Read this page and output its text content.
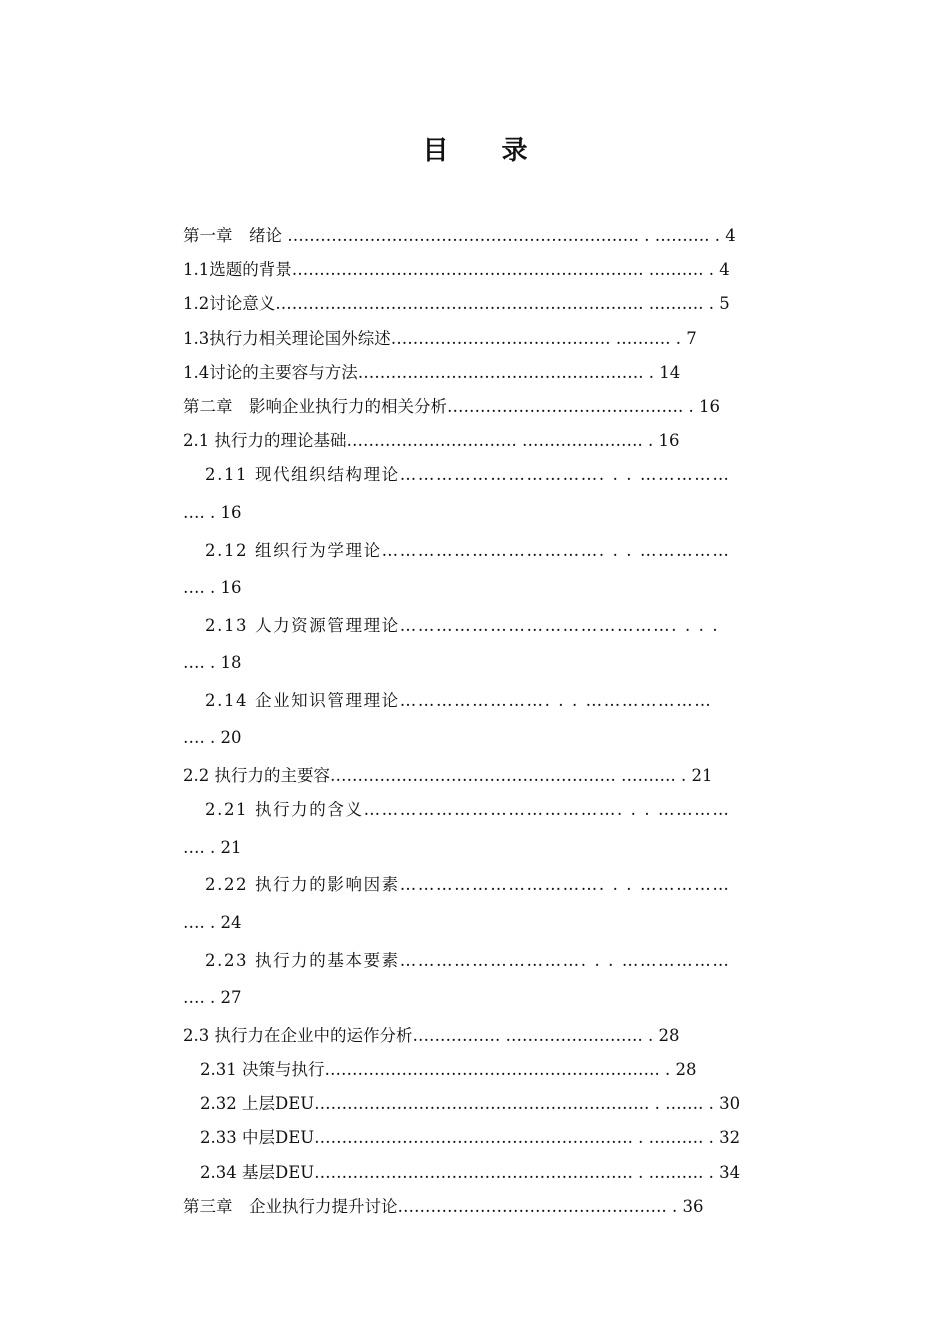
目 录
第一章　绪论 ………………………………………………………. . ………. . 4
1.1选题的背景………………………………………………………. ………. . 4
1.2讨论意义…………………………………………………………. ………. . 5
1.3执行力相关理论国外综述…………………………………. ………. . 7
1.4讨论的主要容与方法……………………………………………. . 14
第二章　影响企业执行力的相关分析……………………………………. . 16
2.1 执行力的理论基础…………………………. …………………. . 16
2.11 现代组织结构理论……………………………. . . ……………
…. . 16
2.12 组织行为学理论………………………………. . . ……………
…. . 16
2.13 人力资源管理理论………………………………………. . . .
…. . 18
2.14 企业知识管理理论……………………. . . …………………
…. . 20
2.2 执行力的主要容……………………………………………. ………. . 21
2.21 执行力的含义……………………………………. . . …………
…. . 21
2.22 执行力的影响因素……………………………. . . ……………
…. . 24
2.23 执行力的基本要素…………………………. . . ………………
…. . 27
2.3 执行力在企业中的运作分析……………. ……………………. . 28
2.31 决策与执行……………………………………………………. . 28
2.32 上层DEU……………………………………………………. . ……. . 30
2.33 中层DEU…………………………………………………. . ………. . 32
2.34 基层DEU…………………………………………………. . ………. . 34
第三章　企业执行力提升讨论…………………………………………. . 36
